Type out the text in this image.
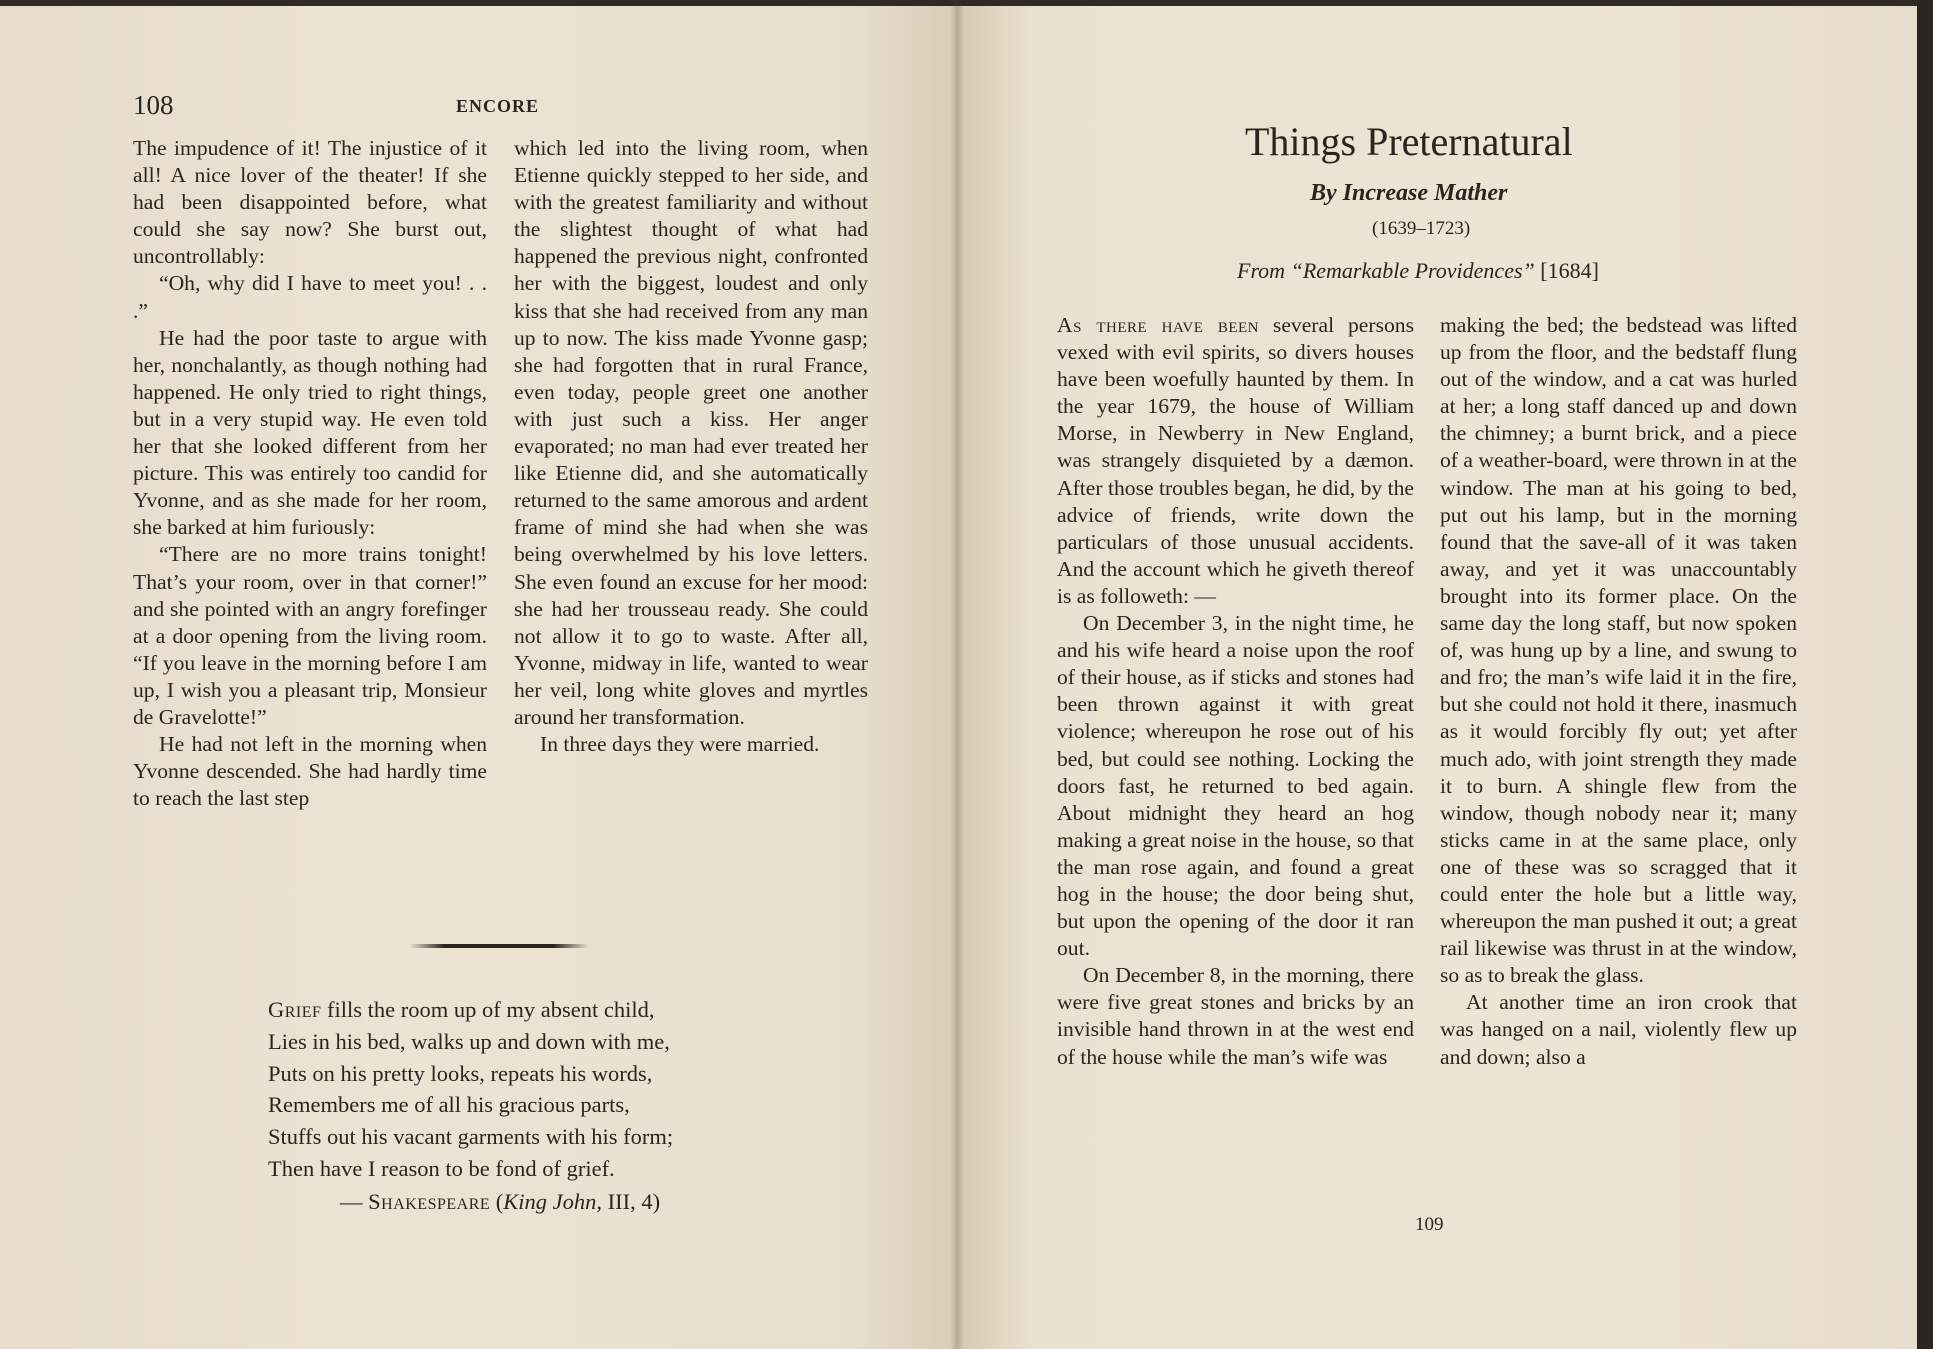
108	ENCORE

The impudence of it! The injustice of it all! A nice lover of the theater! If she had been disappointed before, what could she say now? She burst out, uncontrollably:

“Oh, why did I have to meet you! . . .”

He had the poor taste to argue with her, nonchalantly, as though nothing had happened. He only tried to right things, but in a very stupid way. He even told her that she looked different from her picture. This was entirely too candid for Yvonne, and as she made for her room, she barked at him furiously:

“There are no more trains tonight! That’s your room, over in that corner!” and she pointed with an angry forefinger at a door opening from the living room. “If you leave in the morning before I am up, I wish you a pleasant trip, Monsieur de Gravelotte!”

He had not left in the morning when Yvonne descended. She had hardly time to reach the last step

which led into the living room, when Etienne quickly stepped to her side, and with the greatest familiarity and without the slightest thought of what had happened the previous night, confronted her with the biggest, loudest and only kiss that she had received from any man up to now. The kiss made Yvonne gasp; she had forgotten that in rural France, even today, people greet one another with just such a kiss. Her anger evaporated; no man had ever treated her like Etienne did, and she automatically returned to the same amorous and ardent frame of mind she had when she was being overwhelmed by his love letters. She even found an excuse for her mood: she had her trousseau ready. She could not allow it to go to waste. After all, Yvonne, midway in life, wanted to wear her veil, long white gloves and myrtles around her transformation.

In three days they were married.

Grief fills the room up of my absent child,
Lies in his bed, walks up and down with me,
Puts on his pretty looks, repeats his words,
Remembers me of all his gracious parts,
Stuffs out his vacant garments with his form;
Then have I reason to be fond of grief.
— Shakespeare (King John, III, 4)
Things Preternatural
By Increase Mather
(1639–1723)
From “Remarkable Providences” [1684]

As there have been several persons vexed with evil spirits, so divers houses have been woefully haunted by them. In the year 1679, the house of William Morse, in Newberry in New England, was strangely disquieted by a dæmon. After those troubles began, he did, by the advice of friends, write down the particulars of those unusual accidents. And the account which he giveth thereof is as followeth: —

On December 3, in the night time, he and his wife heard a noise upon the roof of their house, as if sticks and stones had been thrown against it with great violence; whereupon he rose out of his bed, but could see nothing. Locking the doors fast, he returned to bed again. About midnight they heard an hog making a great noise in the house, so that the man rose again, and found a great hog in the house; the door being shut, but upon the opening of the door it ran out.

On December 8, in the morning, there were five great stones and bricks by an invisible hand thrown in at the west end of the house while the man’s wife was

making the bed; the bedstead was lifted up from the floor, and the bedstaff flung out of the window, and a cat was hurled at her; a long staff danced up and down the chimney; a burnt brick, and a piece of a weather-board, were thrown in at the window. The man at his going to bed, put out his lamp, but in the morning found that the save-all of it was taken away, and yet it was unaccountably brought into its former place. On the same day the long staff, but now spoken of, was hung up by a line, and swung to and fro; the man’s wife laid it in the fire, but she could not hold it there, inasmuch as it would forcibly fly out; yet after much ado, with joint strength they made it to burn. A shingle flew from the window, though nobody near it; many sticks came in at the same place, only one of these was so scragged that it could enter the hole but a little way, whereupon the man pushed it out; a great rail likewise was thrust in at the window, so as to break the glass.

At another time an iron crook that was hanged on a nail, violently flew up and down; also a

109
